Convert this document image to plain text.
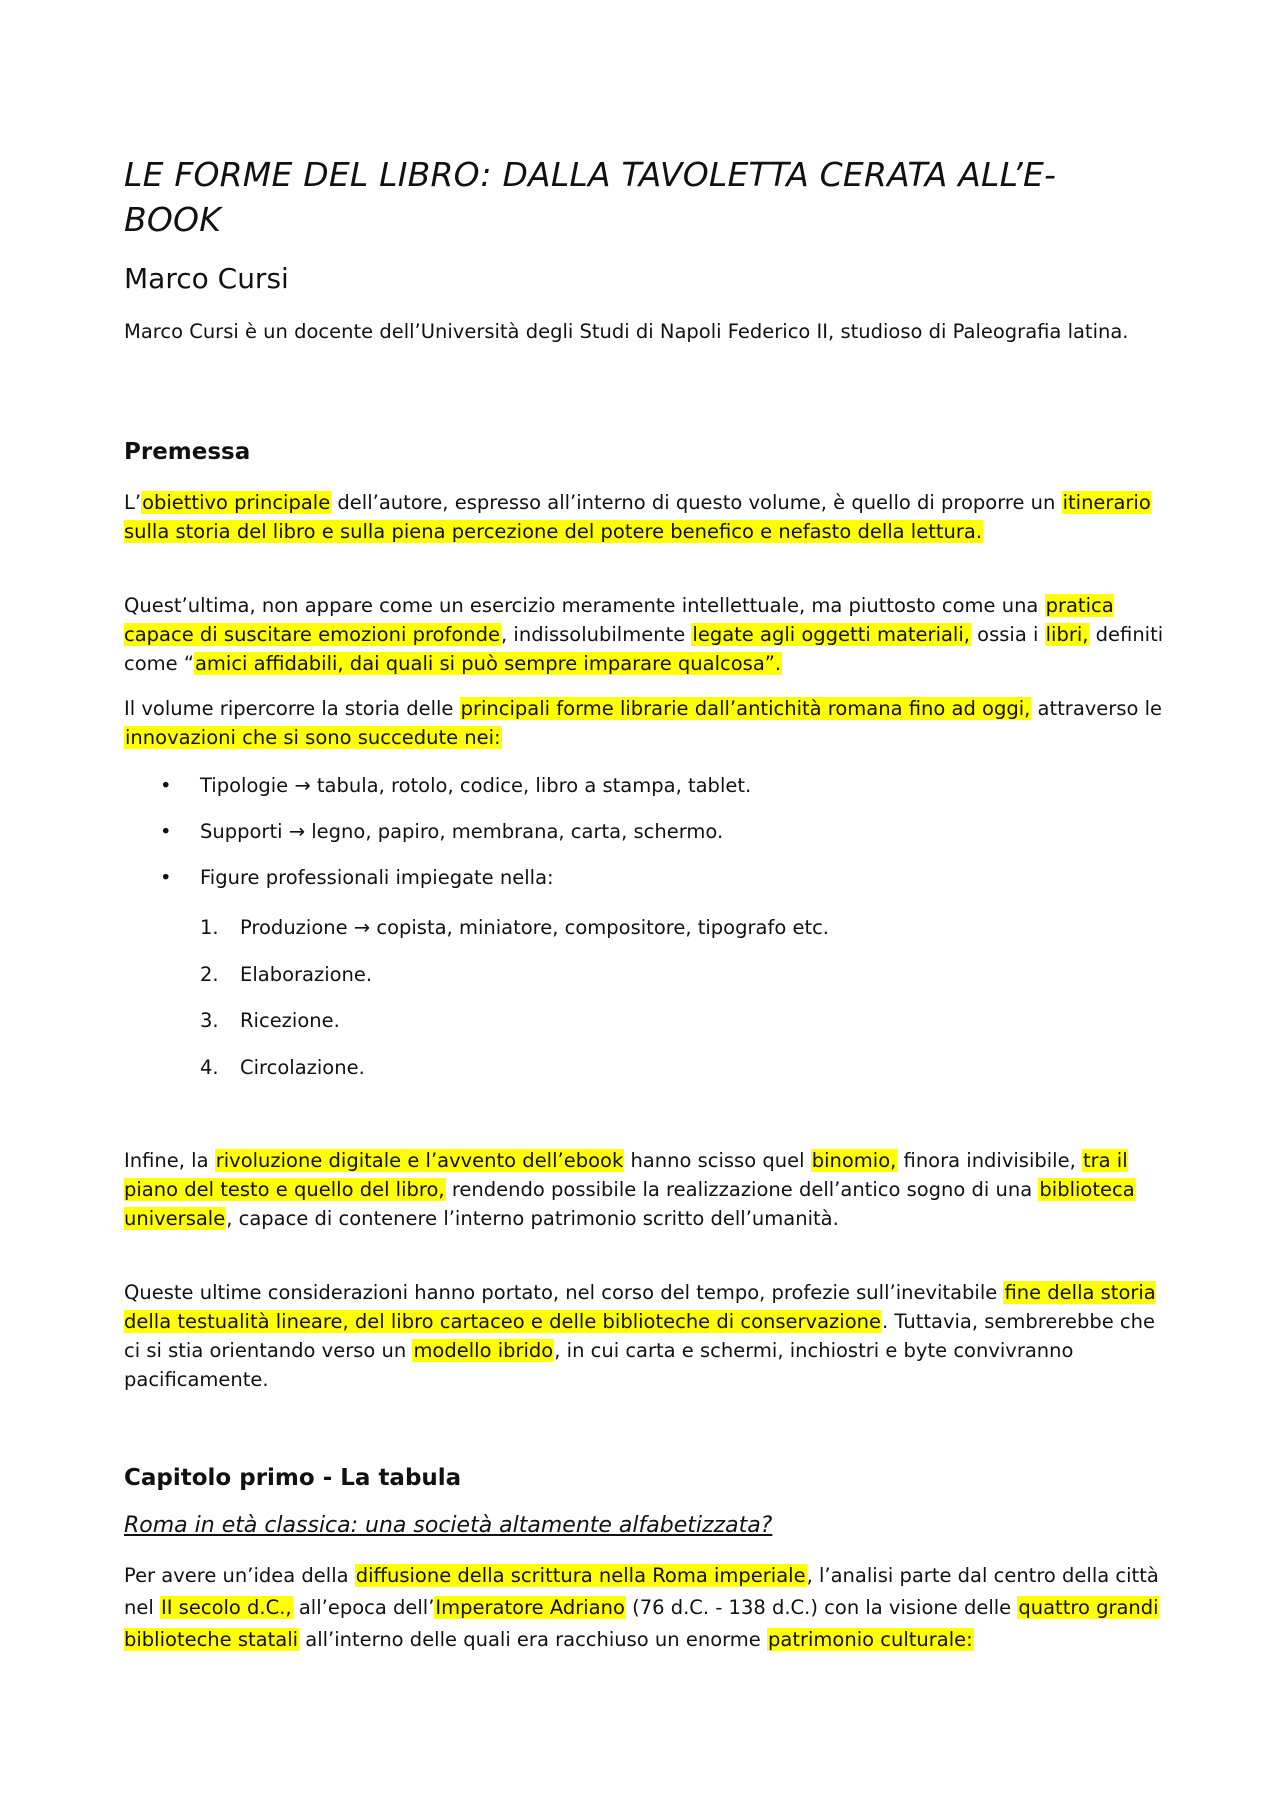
LE FORME DEL LIBRO: DALLA TAVOLETTA CERATA ALL’E-
BOOK
Marco Cursi

Marco Cursi è un docente dell’Università degli Studi di Napoli Federico II, studioso di Paleografia latina.

Premessa

L’obiettivo principale dell’autore, espresso all’interno di questo volume, è quello di proporre un itinerario sulla storia del libro e sulla piena percezione del potere benefico e nefasto della lettura.

Quest’ultima, non appare come un esercizio meramente intellettuale, ma piuttosto come una pratica capace di suscitare emozioni profonde, indissolubilmente legate agli oggetti materiali, ossia i libri, definiti come “amici affidabili, dai quali si può sempre imparare qualcosa”.

Il volume ripercorre la storia delle principali forme librarie dall’antichità romana fino ad oggi, attraverso le innovazioni che si sono succedute nei:

•	Tipologie → tabula, rotolo, codice, libro a stampa, tablet.
•	Supporti → legno, papiro, membrana, carta, schermo.
•	Figure professionali impiegate nella:
1. Produzione → copista, miniatore, compositore, tipografo etc.
2. Elaborazione.
3. Ricezione.
4. Circolazione.

Infine, la rivoluzione digitale e l’avvento dell’ebook hanno scisso quel binomio, finora indivisibile, tra il piano del testo e quello del libro, rendendo possibile la realizzazione dell’antico sogno di una biblioteca universale, capace di contenere l’interno patrimonio scritto dell’umanità.

Queste ultime considerazioni hanno portato, nel corso del tempo, profezie sull’inevitabile fine della storia della testualità lineare, del libro cartaceo e delle biblioteche di conservazione. Tuttavia, sembrerebbe che ci si stia orientando verso un modello ibrido, in cui carta e schermi, inchiostri e byte convivranno pacificamente.

Capitolo primo - La tabula

Roma in età classica: una società altamente alfabetizzata?

Per avere un’idea della diffusione della scrittura nella Roma imperiale, l’analisi parte dal centro della città nel II secolo d.C., all’epoca dell’Imperatore Adriano (76 d.C. - 138 d.C.) con la visione delle quattro grandi biblioteche statali all’interno delle quali era racchiuso un enorme patrimonio culturale:
